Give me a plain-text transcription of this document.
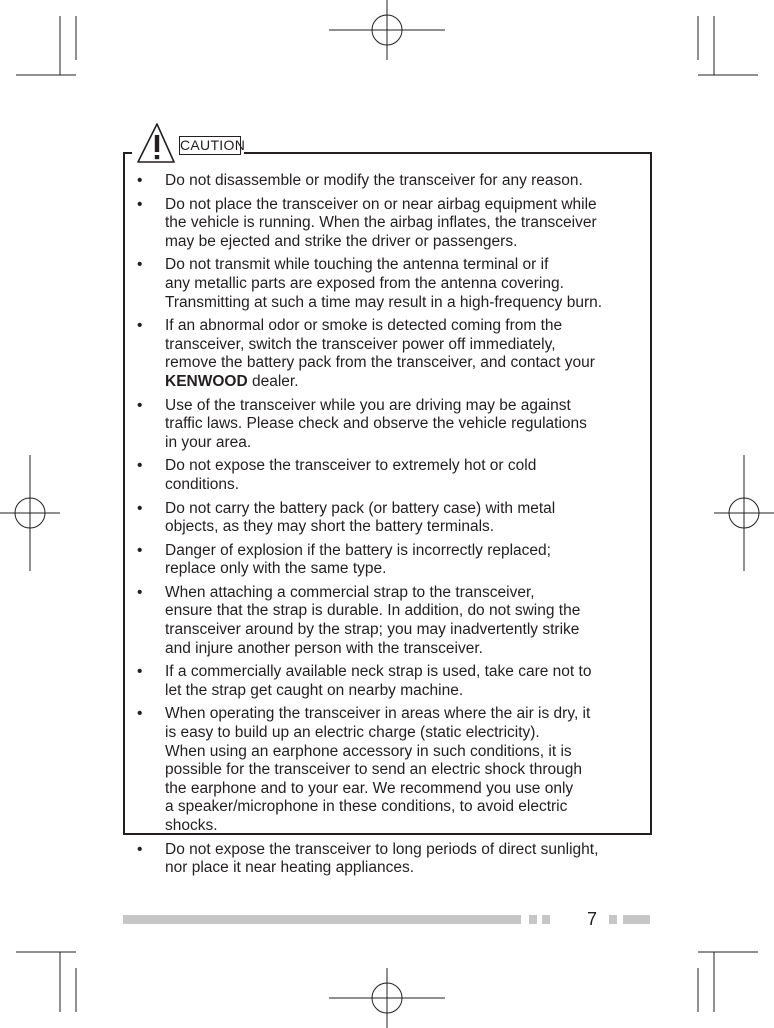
CAUTION
• Do not disassemble or modify the transceiver for any reason.
• Do not place the transceiver on or near airbag equipment while
the vehicle is running. When the airbag inflates, the transceiver
may be ejected and strike the driver or passengers.
• Do not transmit while touching the antenna terminal or if
any metallic parts are exposed from the antenna covering.
Transmitting at such a time may result in a high-frequency burn.
• If an abnormal odor or smoke is detected coming from the
transceiver, switch the transceiver power off immediately,
remove the battery pack from the transceiver, and contact your
KENWOOD dealer.
• Use of the transceiver while you are driving may be against
traffic laws. Please check and observe the vehicle regulations
in your area.
• Do not expose the transceiver to extremely hot or cold
conditions.
• Do not carry the battery pack (or battery case) with metal
objects, as they may short the battery terminals.
• Danger of explosion if the battery is incorrectly replaced;
replace only with the same type.
• When attaching a commercial strap to the transceiver,
ensure that the strap is durable. In addition, do not swing the
transceiver around by the strap; you may inadvertently strike
and injure another person with the transceiver.
• If a commercially available neck strap is used, take care not to
let the strap get caught on nearby machine.
• When operating the transceiver in areas where the air is dry, it
is easy to build up an electric charge (static electricity).
When using an earphone accessory in such conditions, it is
possible for the transceiver to send an electric shock through
the earphone and to your ear. We recommend you use only
a speaker/microphone in these conditions, to avoid electric
shocks.
• Do not expose the transceiver to long periods of direct sunlight,
nor place it near heating appliances.
7
